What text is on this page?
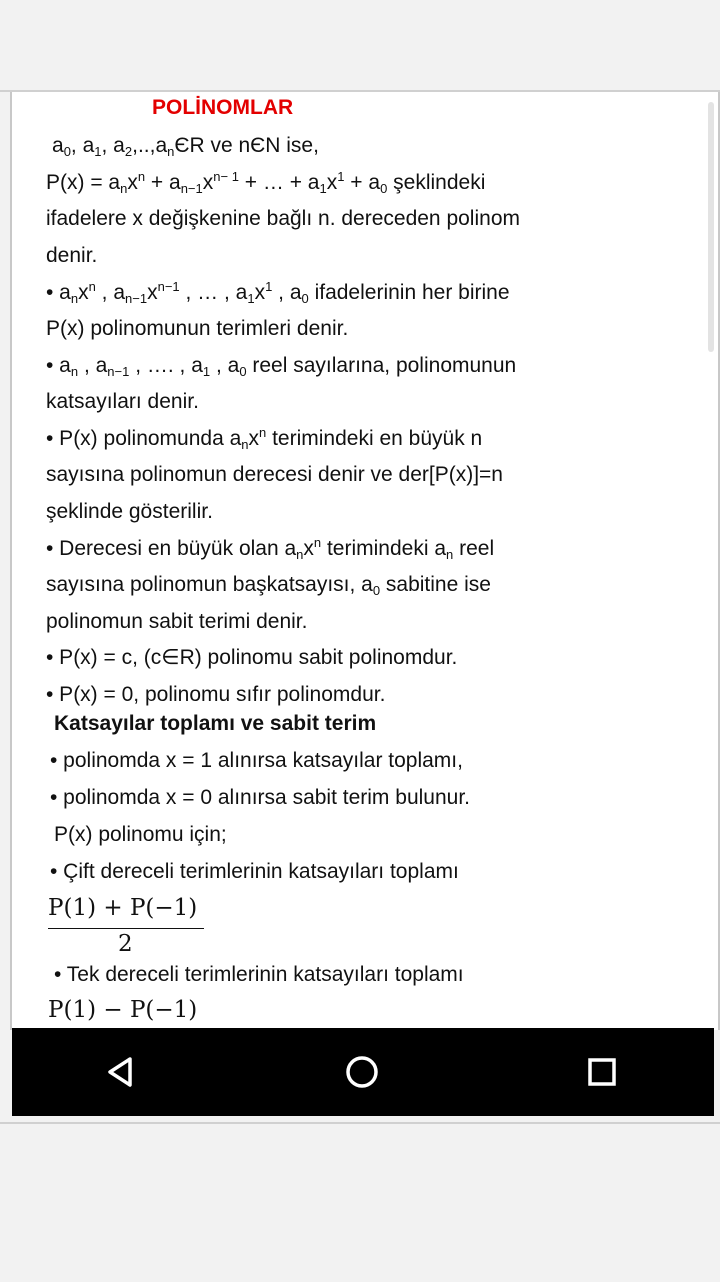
POLİNOMLAR
$a_0$, $a_1$, $a_2,..,a_nЄR$ ve nЄN ise,
$P(x) = a_nx^n + a_{n-1}x^{n- 1}$ + … + $a_1x^1 + a_0$ şeklindeki
ifadelere x değişkenine bağlı n. dereceden polinom
denir.
• $a_nx^n$ , $a_{n-1}x^{n-1}$ , … , $a_1x^1$ , $a_0$ ifadelerinin her birine
P(x) polinomunun terimleri denir.
• $a_n$ , $a_{n-1}$ , …. , $a_1$ , $a_0$ reel sayılarına, polinomunun
katsayıları denir.
• P(x) polinomunda $a_nx^n$ terimindeki en büyük n
sayısına polinomun derecesi denir ve der[P(x)]=n
şeklinde gösterilir.
• Derecesi en büyük olan $a_nx^n$ terimindeki $a_n$ reel
sayısına polinomun başkatsayısı, $a_0$ sabitine ise
polinomun sabit terimi denir.
• P(x) = c, (c∈R) polinomu sabit polinomdur.
• P(x) = 0, polinomu sıfır polinomdur.
Katsayılar toplamı ve sabit terim
• polinomda x = 1 alınırsa katsayılar toplamı,
• polinomda x = 0 alınırsa sabit terim bulunur.
P(x) polinomu için;
• Çift dereceli terimlerinin katsayıları toplamı
P(1) + P(−1)
2
• Tek dereceli terimlerinin katsayıları toplamı
P(1) − P(−1)
